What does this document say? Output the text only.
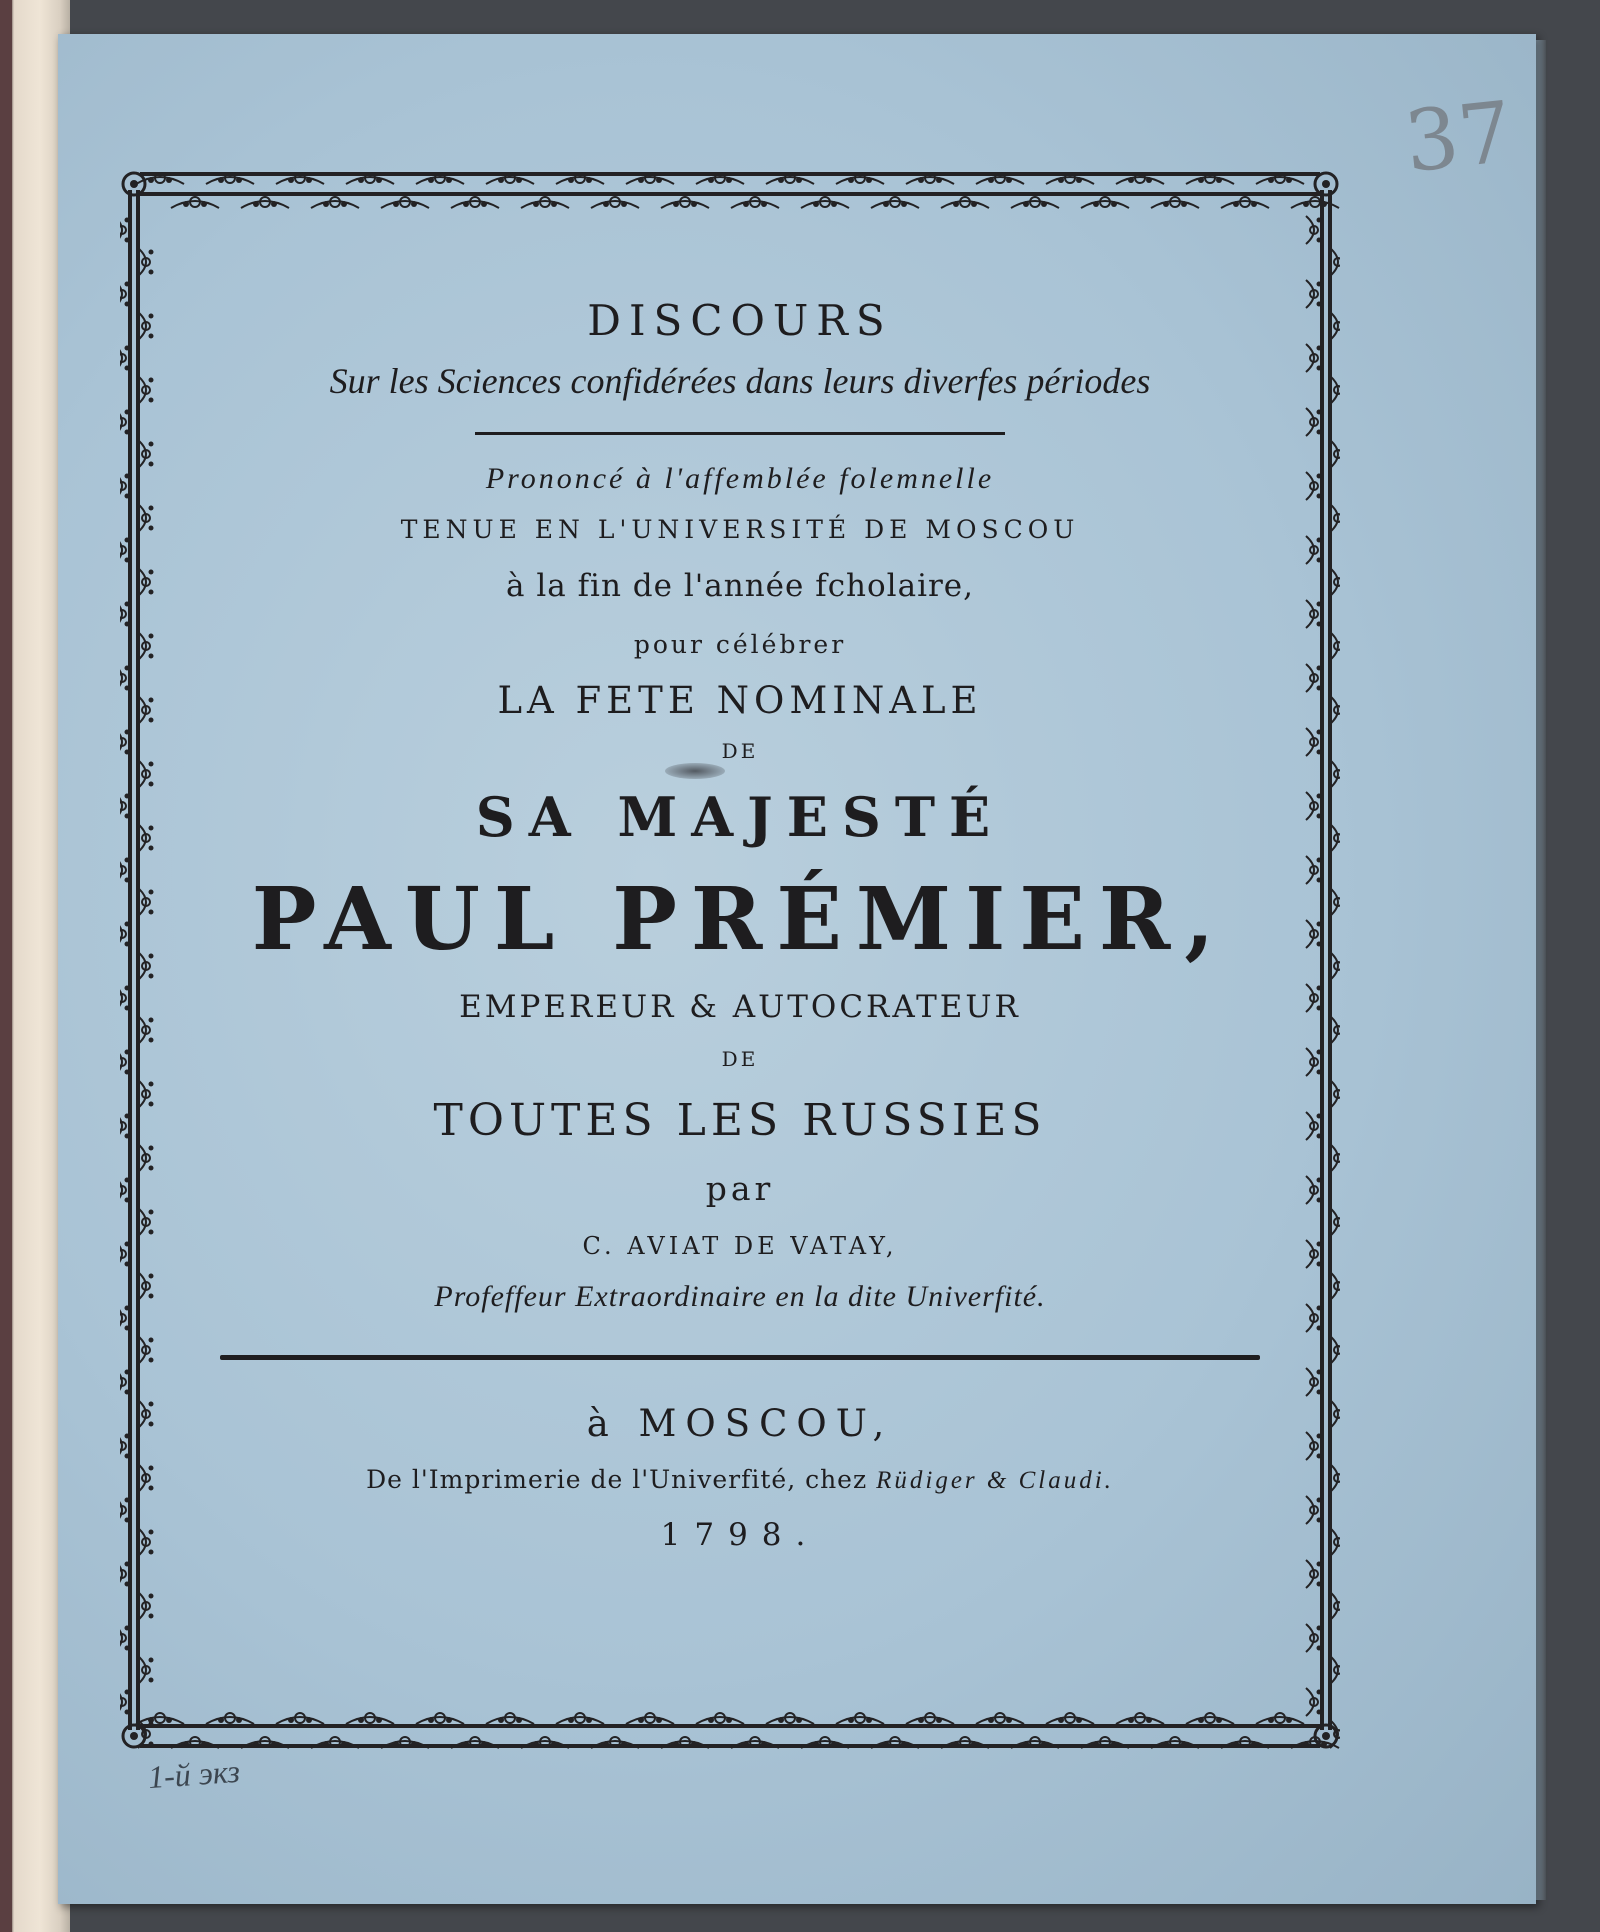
37
DISCOURS
Sur les Sciences confidérées dans leurs diverfes périodes
Prononcé à l'affemblée folemnelle
TENUE EN L'UNIVERSITÉ DE MOSCOU
à la fin de l'année fcholaire,
pour célébrer
LA FETE NOMINALE
DE
SA MAJESTÉ
PAUL PRÉMIER,
EMPEREUR & AUTOCRATEUR
DE
TOUTES LES RUSSIES
par
C. AVIAT DE VATAY,
Profeffeur Extraordinaire en la dite Univerfité.
à MOSCOU,
De l'Imprimerie de l'Univerfité, chez Rüdiger & Claudi.
1798.
1-й экз
